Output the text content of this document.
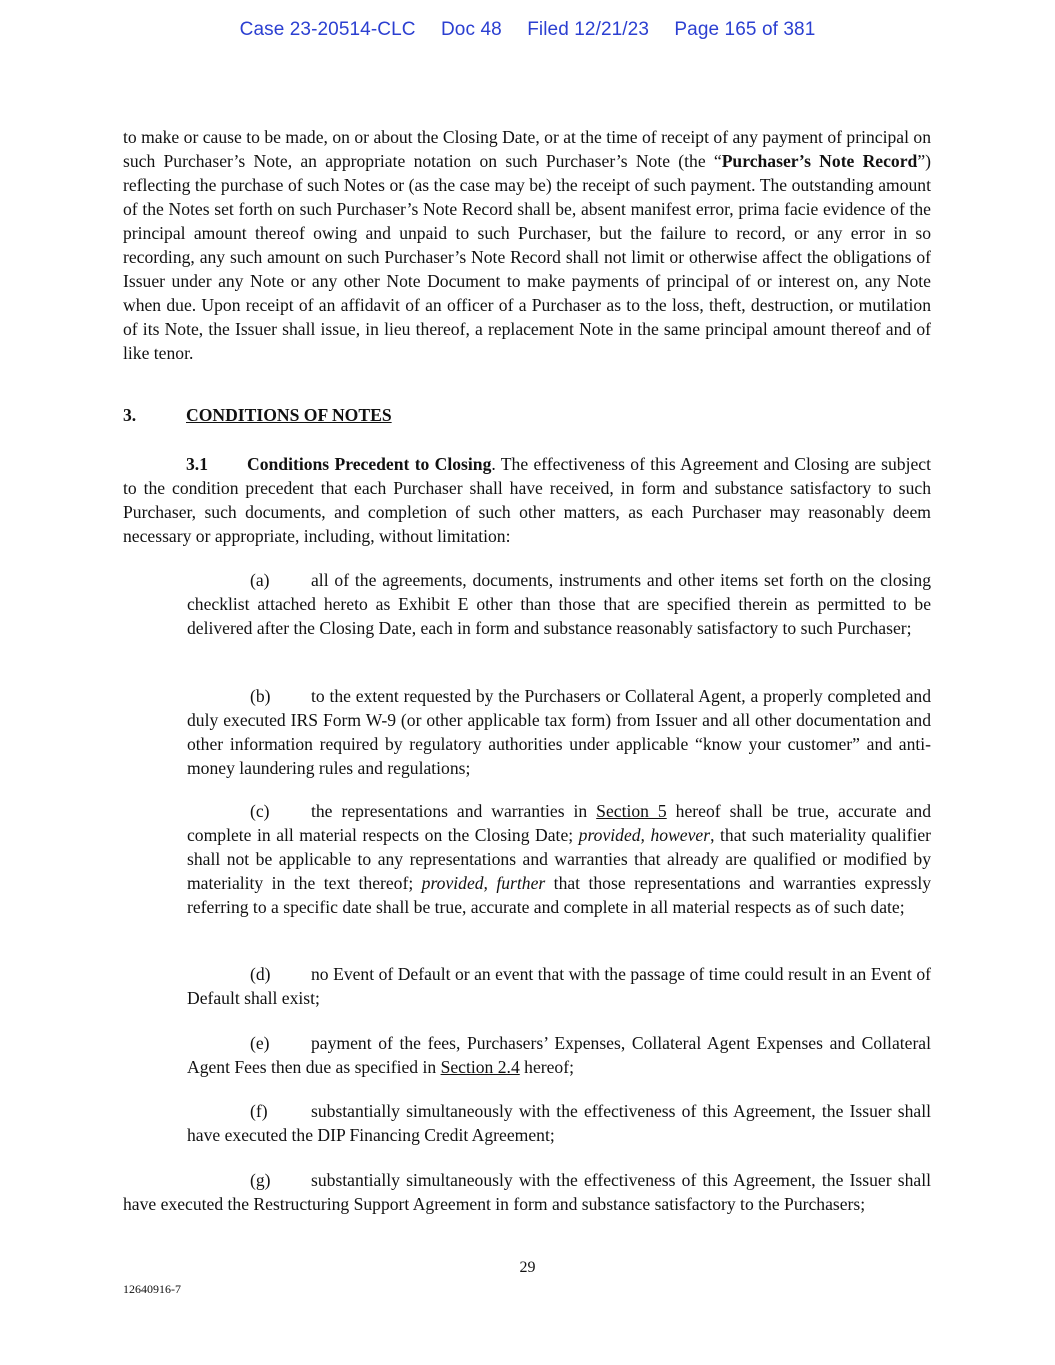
Case 23-20514-CLC Doc 48 Filed 12/21/23 Page 165 of 381

to make or cause to be made, on or about the Closing Date, or at the time of receipt of any payment of principal on such Purchaser’s Note, an appropriate notation on such Purchaser’s Note (the “Purchaser’s Note Record”) reflecting the purchase of such Notes or (as the case may be) the receipt of such payment. The outstanding amount of the Notes set forth on such Purchaser’s Note Record shall be, absent manifest error, prima facie evidence of the principal amount thereof owing and unpaid to such Purchaser, but the failure to record, or any error in so recording, any such amount on such Purchaser’s Note Record shall not limit or otherwise affect the obligations of Issuer under any Note or any other Note Document to make payments of principal of or interest on, any Note when due. Upon receipt of an affidavit of an officer of a Purchaser as to the loss, theft, destruction, or mutilation of its Note, the Issuer shall issue, in lieu thereof, a replacement Note in the same principal amount thereof and of like tenor.

3.	CONDITIONS OF NOTES

3.1 Conditions Precedent to Closing. The effectiveness of this Agreement and Closing are subject to the condition precedent that each Purchaser shall have received, in form and substance satisfactory to such Purchaser, such documents, and completion of such other matters, as each Purchaser may reasonably deem necessary or appropriate, including, without limitation:

(a) all of the agreements, documents, instruments and other items set forth on the closing checklist attached hereto as Exhibit E other than those that are specified therein as permitted to be delivered after the Closing Date, each in form and substance reasonably satisfactory to such Purchaser;

(b) to the extent requested by the Purchasers or Collateral Agent, a properly completed and duly executed IRS Form W-9 (or other applicable tax form) from Issuer and all other documentation and other information required by regulatory authorities under applicable “know your customer” and anti-money laundering rules and regulations;

(c) the representations and warranties in Section 5 hereof shall be true, accurate and complete in all material respects on the Closing Date; provided, however, that such materiality qualifier shall not be applicable to any representations and warranties that already are qualified or modified by materiality in the text thereof; provided, further that those representations and warranties expressly referring to a specific date shall be true, accurate and complete in all material respects as of such date;

(d) no Event of Default or an event that with the passage of time could result in an Event of Default shall exist;

(e) payment of the fees, Purchasers’ Expenses, Collateral Agent Expenses and Collateral Agent Fees then due as specified in Section 2.4 hereof;

(f) substantially simultaneously with the effectiveness of this Agreement, the Issuer shall have executed the DIP Financing Credit Agreement;

(g) substantially simultaneously with the effectiveness of this Agreement, the Issuer shall have executed the Restructuring Support Agreement in form and substance satisfactory to the Purchasers;

29
12640916-7
